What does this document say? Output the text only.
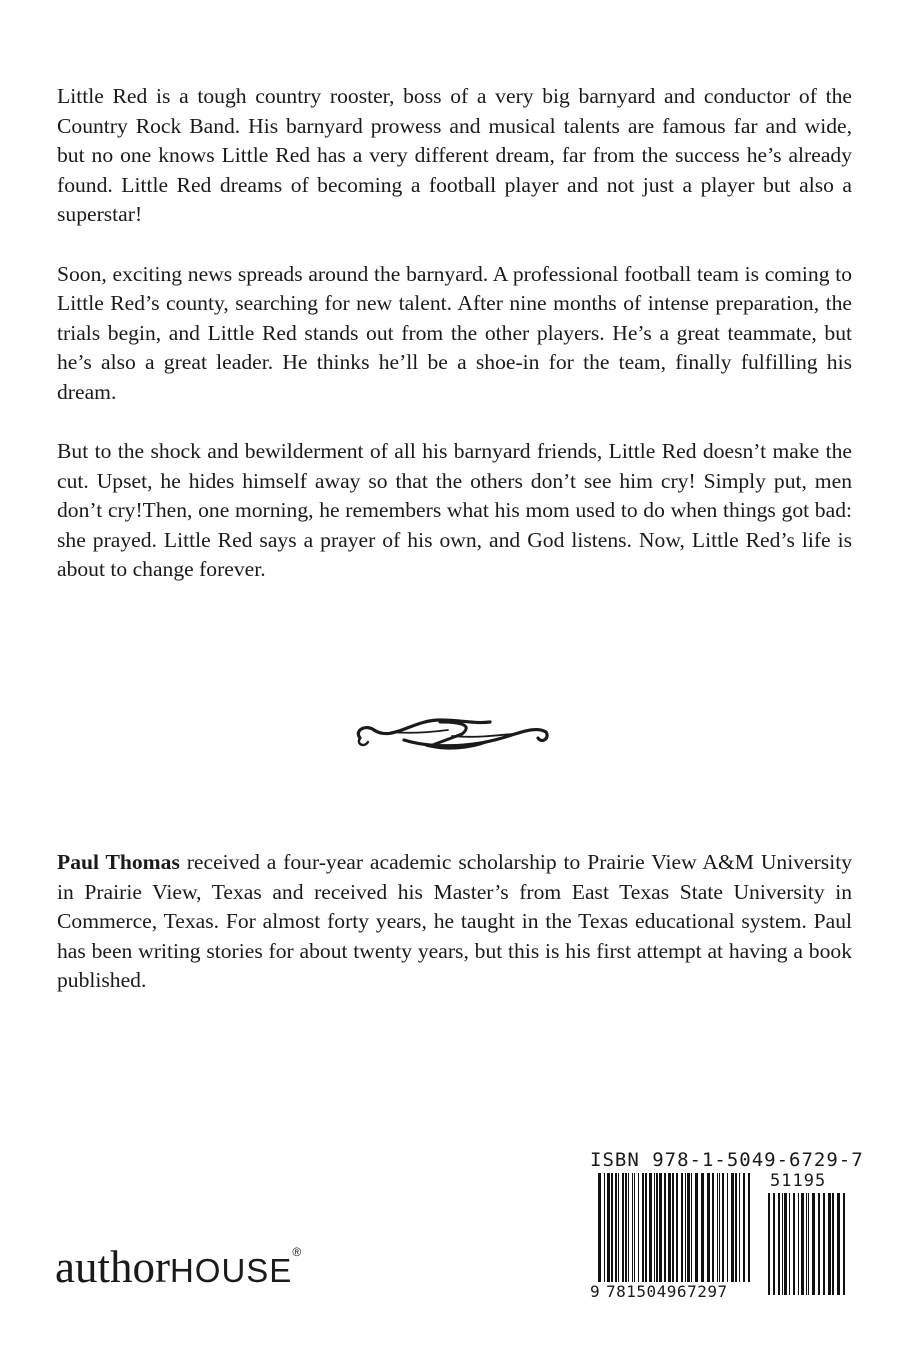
Little Red is a tough country rooster, boss of a very big barnyard and conductor of the Country Rock Band. His barnyard prowess and musical talents are famous far and wide, but no one knows Little Red has a very different dream, far from the success he’s already found. Little Red dreams of becoming a football player and not just a player but also a superstar!

Soon, exciting news spreads around the barnyard. A professional football team is coming to Little Red’s county, searching for new talent. After nine months of intense preparation, the trials begin, and Little Red stands out from the other players. He’s a great teammate, but he’s also a great leader. He thinks he’ll be a shoe-in for the team, finally fulfilling his dream.

But to the shock and bewilderment of all his barnyard friends, Little Red doesn’t make the cut. Upset, he hides himself away so that the others don’t see him cry! Simply put, men don’t cry!Then, one morning, he remembers what his mom used to do when things got bad: she prayed. Little Red says a prayer of his own, and God listens. Now, Little Red’s life is about to change forever.

Paul Thomas received a four-year academic scholarship to Prairie View A&M University in Prairie View, Texas and received his Master’s from East Texas State University in Commerce, Texas. For almost forty years, he taught in the Texas educational system. Paul has been writing stories for about twenty years, but this is his first attempt at having a book published.

authorHOUSE®
ISBN 978-1-5049-6729-7
51195
9 781504967297
